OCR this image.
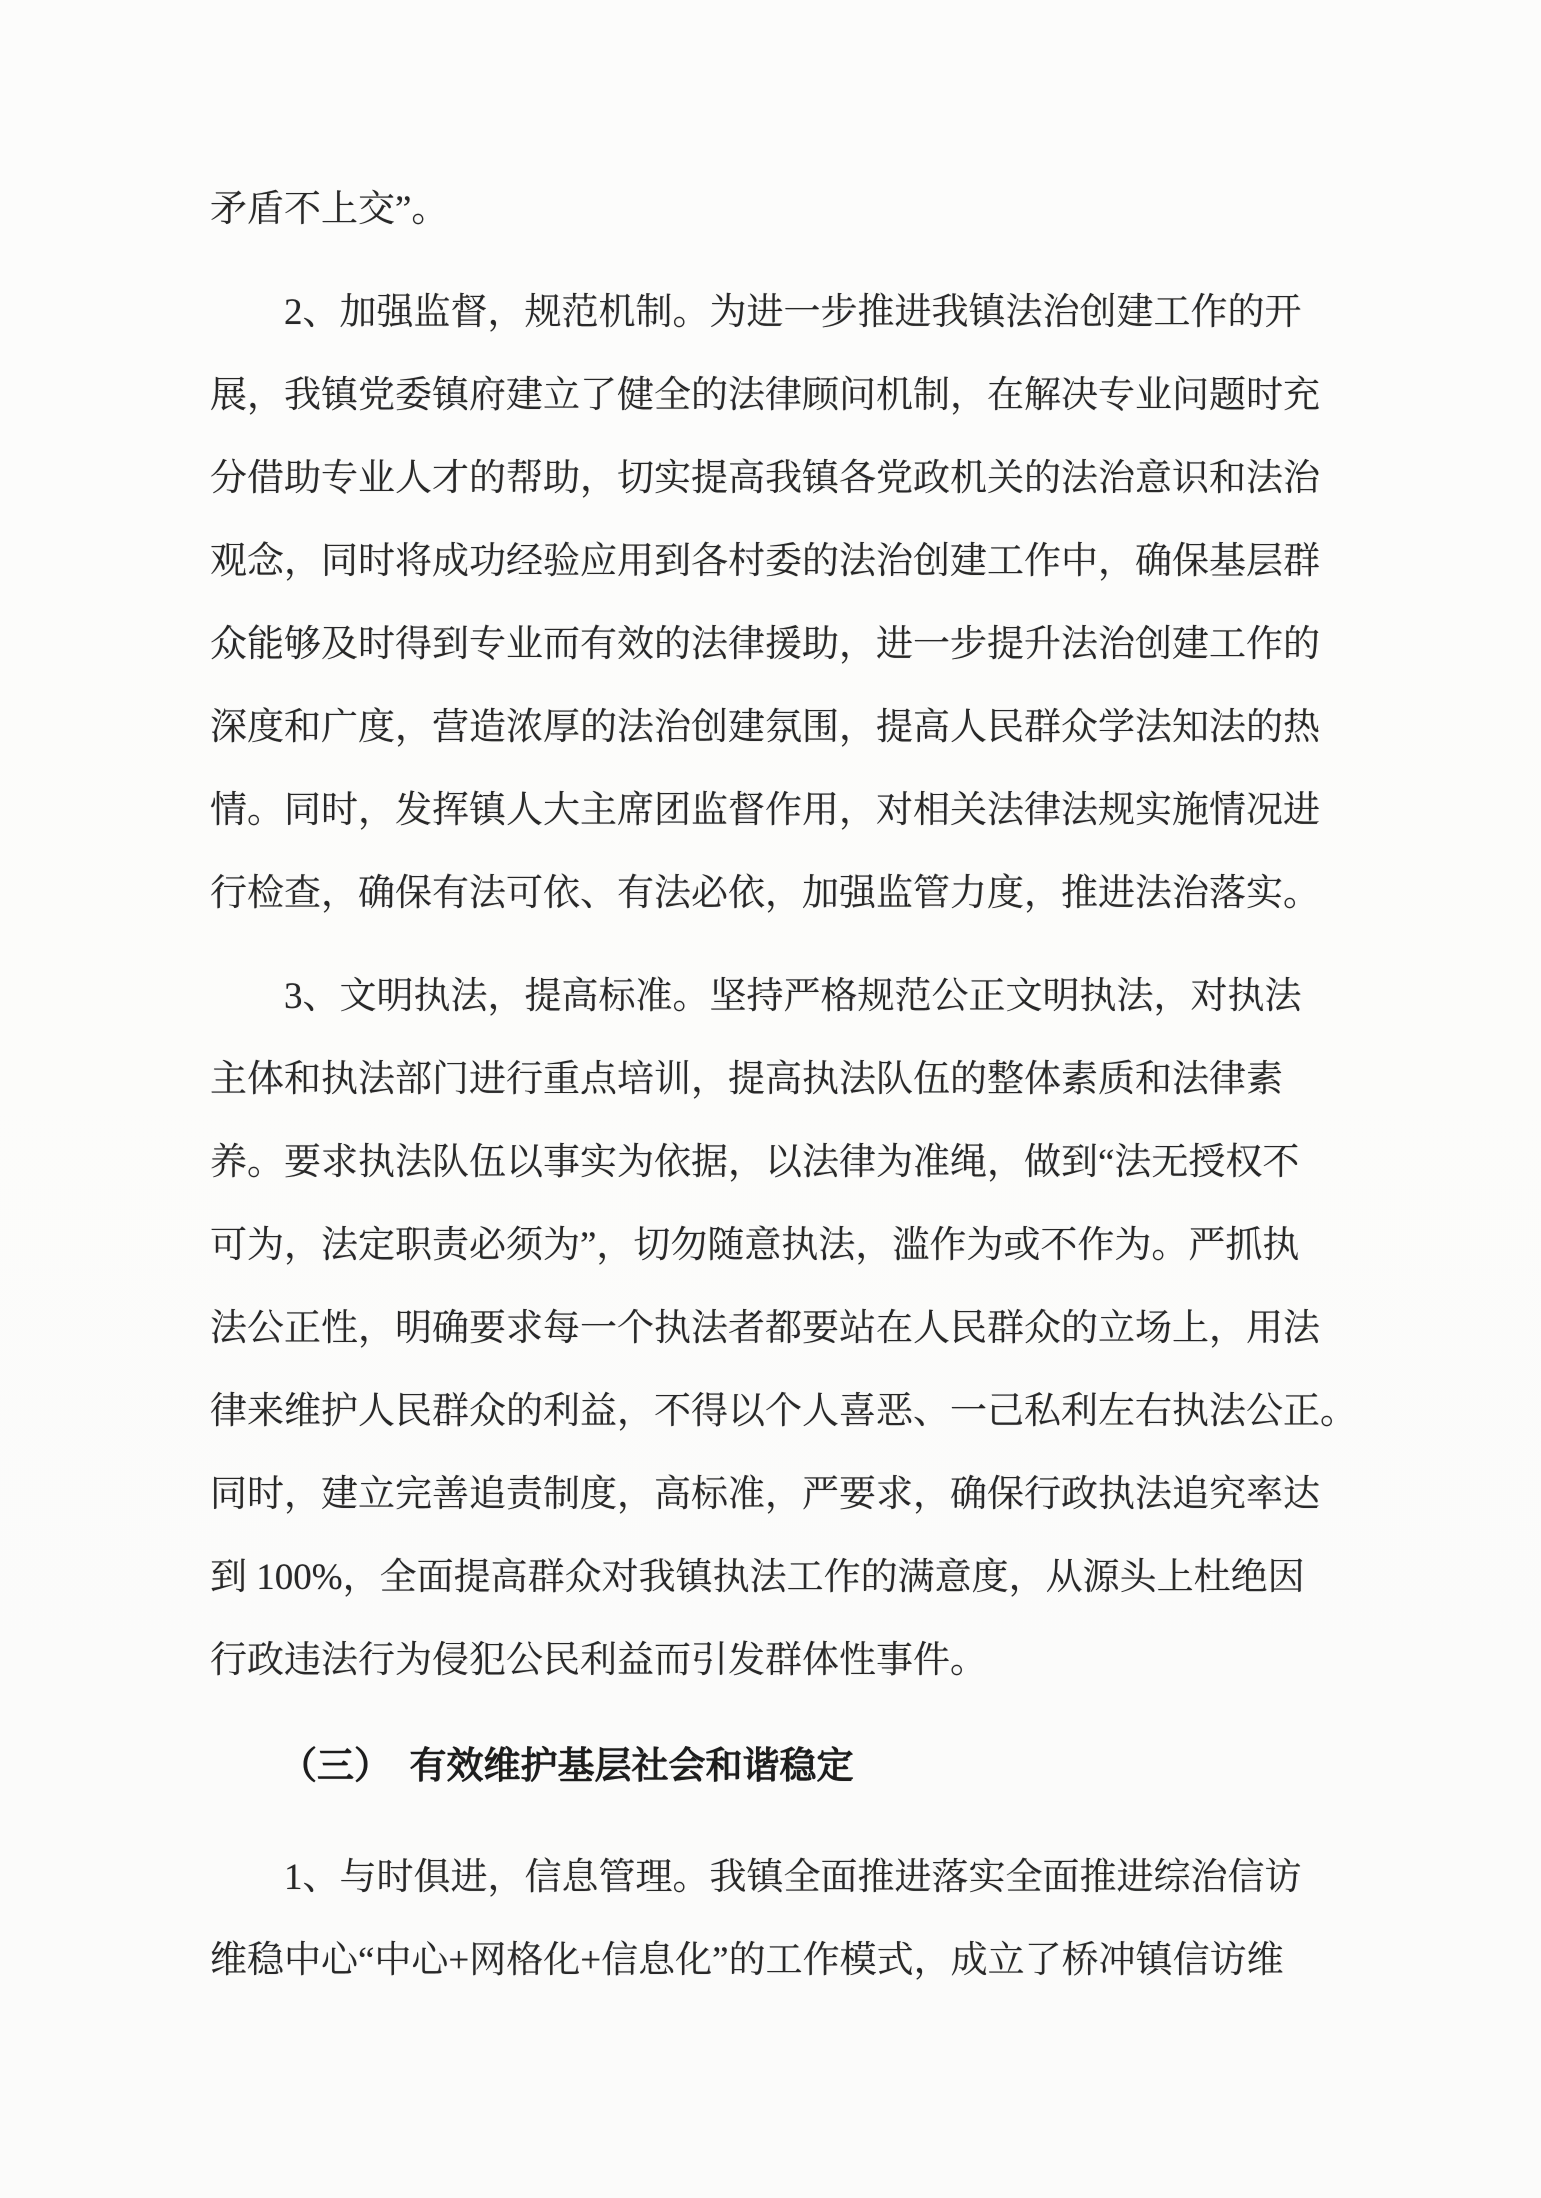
矛盾不上交”。
2、加强监督，规范机制。为进一步推进我镇法治创建工作的开
展，我镇党委镇府建立了健全的法律顾问机制，在解决专业问题时充
分借助专业人才的帮助，切实提高我镇各党政机关的法治意识和法治
观念，同时将成功经验应用到各村委的法治创建工作中，确保基层群
众能够及时得到专业而有效的法律援助，进一步提升法治创建工作的
深度和广度，营造浓厚的法治创建氛围，提高人民群众学法知法的热
情。同时，发挥镇人大主席团监督作用，对相关法律法规实施情况进
行检查，确保有法可依、有法必依，加强监管力度，推进法治落实。
3、文明执法，提高标准。坚持严格规范公正文明执法，对执法
主体和执法部门进行重点培训，提高执法队伍的整体素质和法律素
养。要求执法队伍以事实为依据，以法律为准绳，做到“法无授权不
可为，法定职责必须为”，切勿随意执法，滥作为或不作为。严抓执
法公正性，明确要求每一个执法者都要站在人民群众的立场上，用法
律来维护人民群众的利益，不得以个人喜恶、一己私利左右执法公正。
同时，建立完善追责制度，高标准，严要求，确保行政执法追究率达
到 100%，全面提高群众对我镇执法工作的满意度，从源头上杜绝因
行政违法行为侵犯公民利益而引发群体性事件。
（三）　有效维护基层社会和谐稳定
1、与时俱进，信息管理。我镇全面推进落实全面推进综治信访
维稳中心“中心+网格化+信息化”的工作模式，成立了桥冲镇信访维
